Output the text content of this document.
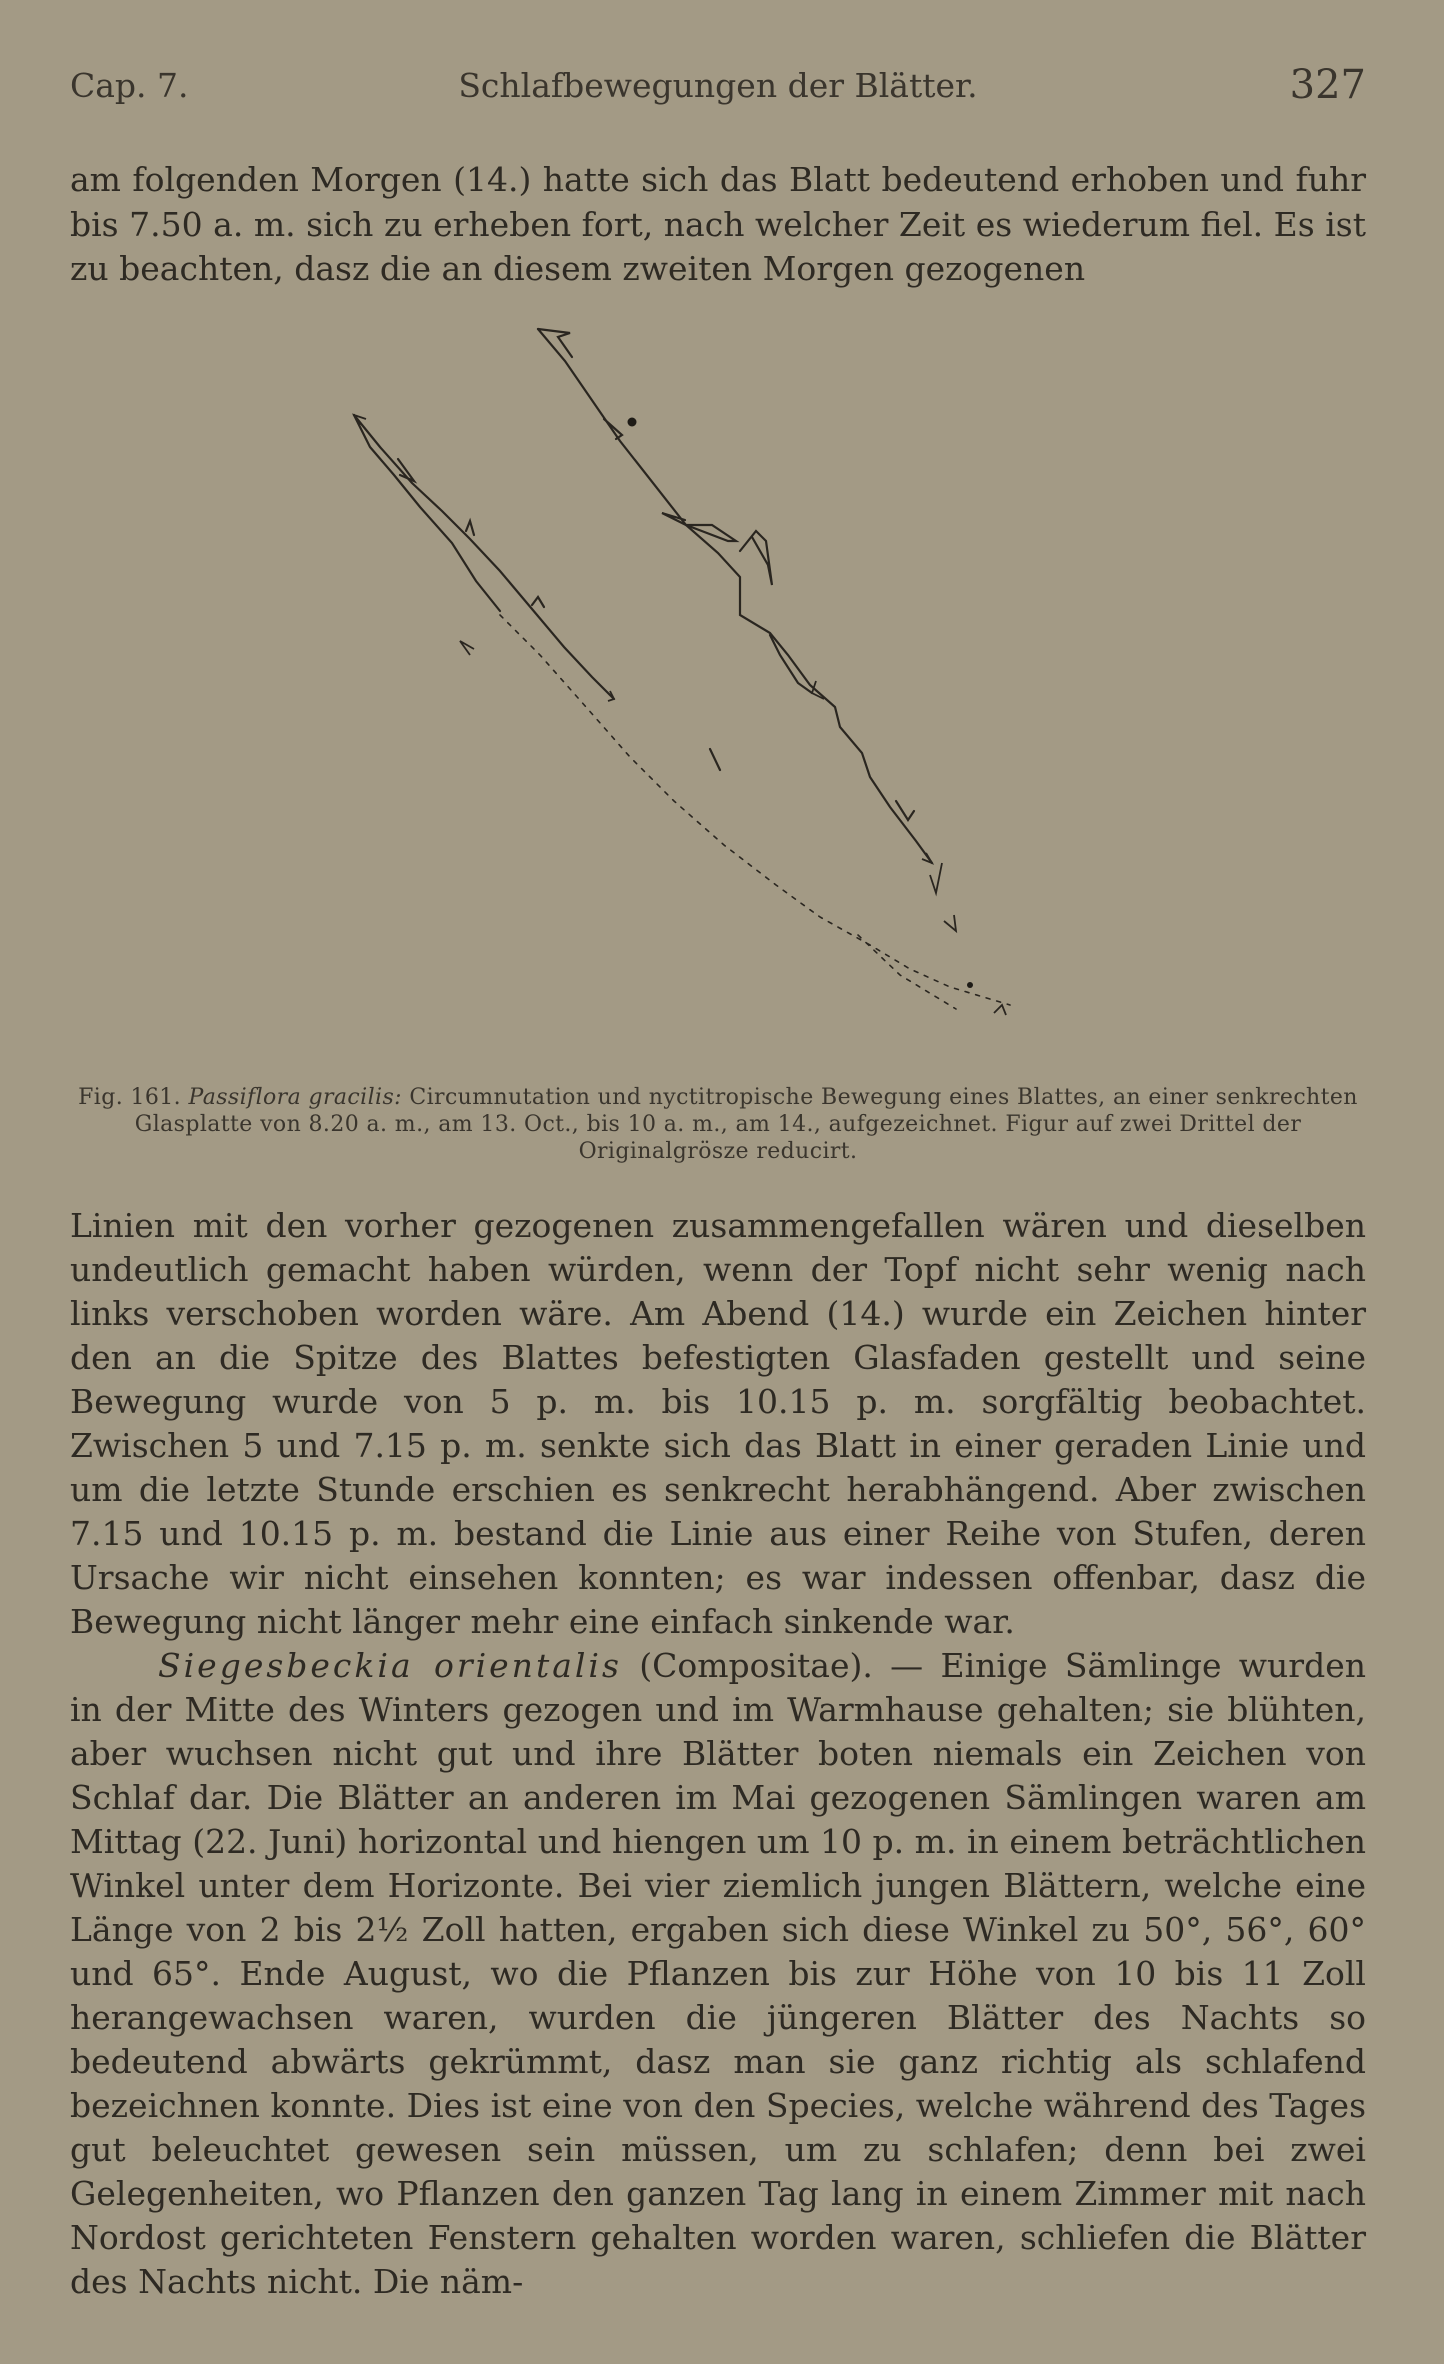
Cap. 7.	Schlafbewegungen der Blätter.	327

am folgenden Morgen (14.) hatte sich das Blatt bedeutend erhoben und fuhr bis 7.50 a. m. sich zu erheben fort, nach welcher Zeit es wiederum fiel. Es ist zu beachten, dasz die an diesem zweiten Morgen gezogenen

Fig. 161. Passiflora gracilis: Circumnutation und nyctitropische Bewegung eines Blattes, an einer senkrechten Glasplatte von 8.20 a. m., am 13. Oct., bis 10 a. m., am 14., aufgezeichnet. Figur auf zwei Drittel der Originalgrösze reducirt.

Linien mit den vorher gezogenen zusammengefallen wären und dieselben undeutlich gemacht haben würden, wenn der Topf nicht sehr wenig nach links verschoben worden wäre. Am Abend (14.) wurde ein Zeichen hinter den an die Spitze des Blattes befestigten Glasfaden gestellt und seine Bewegung wurde von 5 p. m. bis 10.15 p. m. sorgfältig beobachtet. Zwischen 5 und 7.15 p. m. senkte sich das Blatt in einer geraden Linie und um die letzte Stunde erschien es senkrecht herabhängend. Aber zwischen 7.15 und 10.15 p. m. bestand die Linie aus einer Reihe von Stufen, deren Ursache wir nicht einsehen konnten; es war indessen offenbar, dasz die Bewegung nicht länger mehr eine einfach sinkende war.

Siegesbeckia orientalis (Compositae). — Einige Sämlinge wurden in der Mitte des Winters gezogen und im Warmhause gehalten; sie blühten, aber wuchsen nicht gut und ihre Blätter boten niemals ein Zeichen von Schlaf dar. Die Blätter an anderen im Mai gezogenen Sämlingen waren am Mittag (22. Juni) horizontal und hiengen um 10 p. m. in einem beträchtlichen Winkel unter dem Horizonte. Bei vier ziemlich jungen Blättern, welche eine Länge von 2 bis 2½ Zoll hatten, ergaben sich diese Winkel zu 50°, 56°, 60° und 65°. Ende August, wo die Pflanzen bis zur Höhe von 10 bis 11 Zoll herangewachsen waren, wurden die jüngeren Blätter des Nachts so bedeutend abwärts gekrümmt, dasz man sie ganz richtig als schlafend bezeichnen konnte. Dies ist eine von den Species, welche während des Tages gut beleuchtet gewesen sein müssen, um zu schlafen; denn bei zwei Gelegenheiten, wo Pflanzen den ganzen Tag lang in einem Zimmer mit nach Nordost gerichteten Fenstern gehalten worden waren, schliefen die Blätter des Nachts nicht. Die näm-
